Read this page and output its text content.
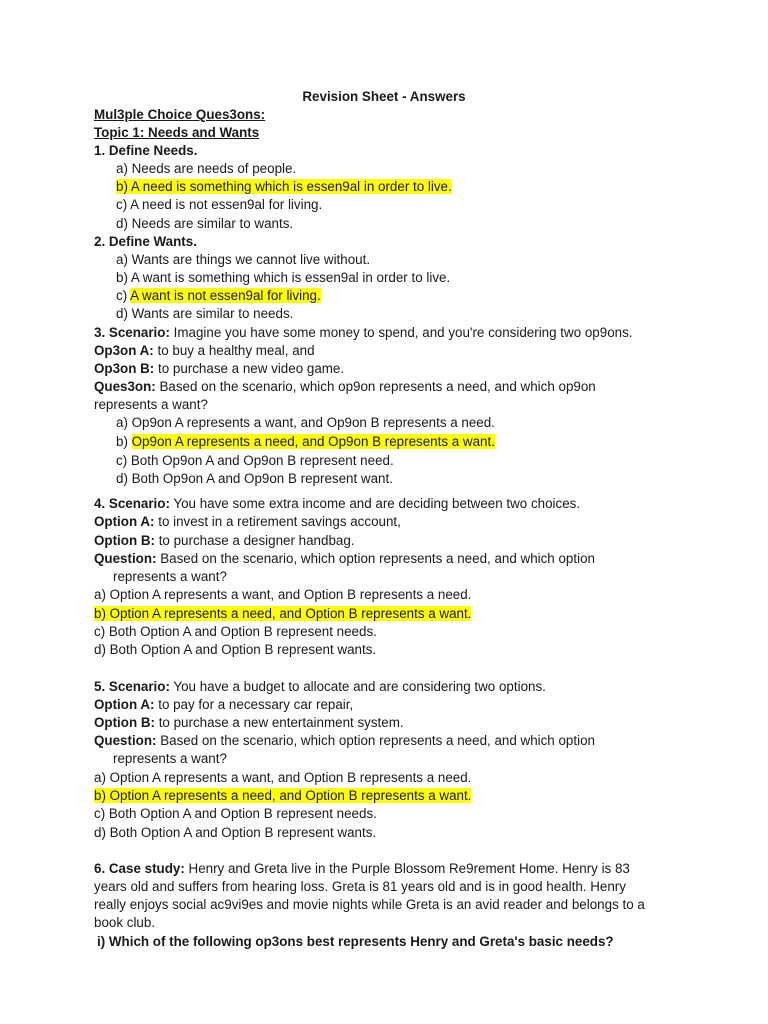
Revision Sheet - Answers
Mul3ple Choice Ques3ons:
Topic 1: Needs and Wants
1. Define Needs.
a) Needs are needs of people.
b) A need is something which is essen9al in order to live.
c) A need is not essen9al for living.
d) Needs are similar to wants.
2. Define Wants.
a) Wants are things we cannot live without.
b) A want is something which is essen9al in order to live.
c) A want is not essen9al for living.
d) Wants are similar to needs.
3. Scenario: Imagine you have some money to spend, and you're considering two op9ons.
Op3on A: to buy a healthy meal, and
Op3on B: to purchase a new video game.
Ques3on: Based on the scenario, which op9on represents a need, and which op9on
represents a want?
a) Op9on A represents a want, and Op9on B represents a need.
b) Op9on A represents a need, and Op9on B represents a want.
c) Both Op9on A and Op9on B represent need.
d) Both Op9on A and Op9on B represent want.
4. Scenario: You have some extra income and are deciding between two choices.
Option A: to invest in a retirement savings account,
Option B: to purchase a designer handbag.
Question: Based on the scenario, which option represents a need, and which option
represents a want?
a) Option A represents a want, and Option B represents a need.
b) Option A represents a need, and Option B represents a want.
c) Both Option A and Option B represent needs.
d) Both Option A and Option B represent wants.
5. Scenario: You have a budget to allocate and are considering two options.
Option A: to pay for a necessary car repair,
Option B: to purchase a new entertainment system.
Question: Based on the scenario, which option represents a need, and which option
represents a want?
a) Option A represents a want, and Option B represents a need.
b) Option A represents a need, and Option B represents a want.
c) Both Option A and Option B represent needs.
d) Both Option A and Option B represent wants.
6. Case study: Henry and Greta live in the Purple Blossom Re9rement Home. Henry is 83
years old and suffers from hearing loss. Greta is 81 years old and is in good health. Henry
really enjoys social ac9vi9es and movie nights while Greta is an avid reader and belongs to a
book club.
i) Which of the following op3ons best represents Henry and Greta's basic needs?
